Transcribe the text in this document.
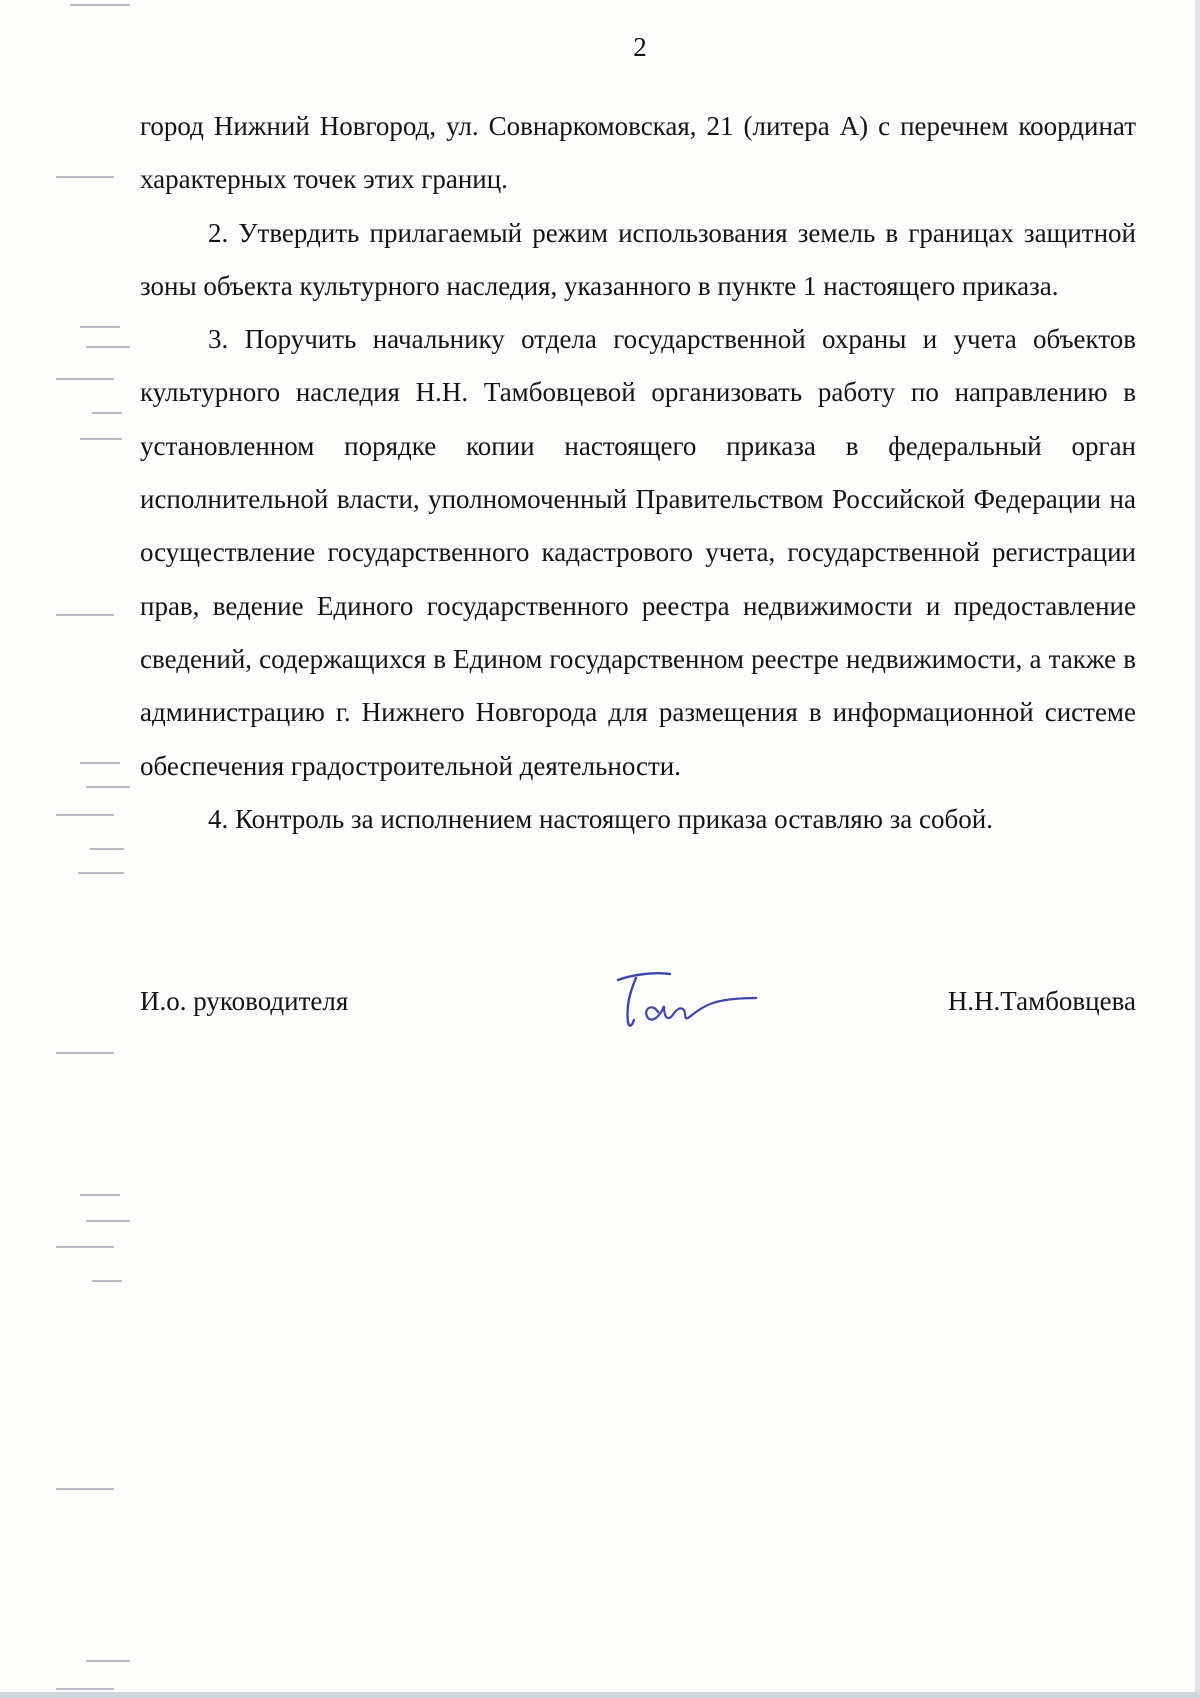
2

город Нижний Новгород, ул. Совнаркомовская, 21 (литера А) с перечнем координат характерных точек этих границ.

2. Утвердить прилагаемый режим использования земель в границах защитной зоны объекта культурного наследия, указанного в пункте 1 настоящего приказа.

3. Поручить начальнику отдела государственной охраны и учета объектов культурного наследия Н.Н. Тамбовцевой организовать работу по направлению в установленном порядке копии настоящего приказа в федеральный орган исполнительной власти, уполномоченный Правительством Российской Федерации на осуществление государственного кадастрового учета, государственной регистрации прав, ведение Единого государственного реестра недвижимости и предоставление сведений, содержащихся в Едином государственном реестре недвижимости, а также в администрацию г. Нижнего Новгорода для размещения в информационной системе обеспечения градостроительной деятельности.

4. Контроль за исполнением настоящего приказа оставляю за собой.

И.о. руководителя	Н.Н.Тамбовцева
